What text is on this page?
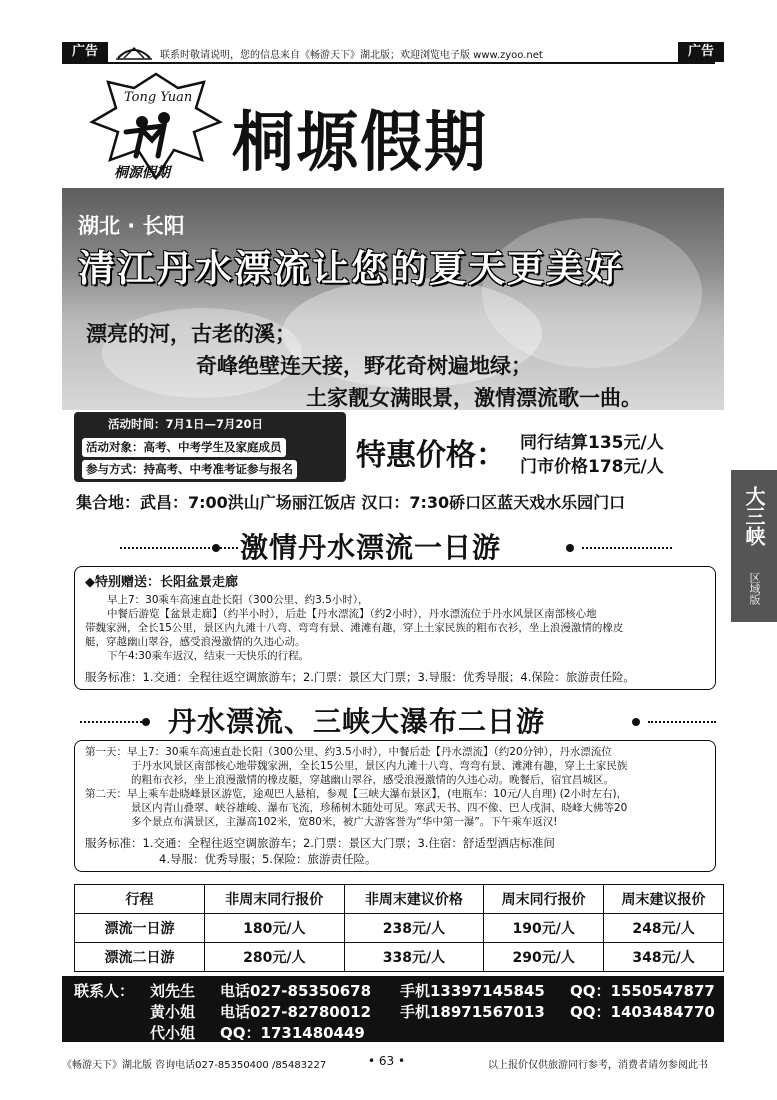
广告	广告
联系时敬请说明，您的信息来自《畅游天下》湖北版；欢迎浏览电子版 www.zyoo.net
Tong Yuan
桐源假期 桐塬假期
湖北 · 长阳
清江丹水漂流让您的夏天更美好
漂亮的河，古老的溪；
奇峰绝壁连天接，野花奇树遍地绿；
土家靓女满眼景，激情漂流歌一曲。
活动时间：7月1日—7月20日
活动对象：高考、中考学生及家庭成员
参与方式：持高考、中考准考证参与报名 特惠价格： 同行结算135元/人
门市价格178元/人
集合地：武昌：7:00洪山广场丽江饭店 汉口：7:30硚口区蓝天戏水乐园门口	大三峡
区域版
激情丹水漂流一日游
◆特别赠送：长阳盆景走廊
早上7：30乘车高速直赴长阳（300公里、约3.5小时），
中餐后游览【盆景走廊】（约半小时），后赴【丹水漂流】（约2小时），丹水漂流位于丹水风景区南部核心地
带魏家洲，全长15公里，景区内九滩十八弯、弯弯有景、滩滩有趣，穿上土家民族的粗布衣衫，坐上浪漫激情的橡皮
艇，穿越幽山翠谷，感受浪漫激情的久违心动。
下午4:30乘车返汉，结束一天快乐的行程。
服务标准：1.交通：全程往返空调旅游车；2.门票：景区大门票；3.导服：优秀导服；4.保险：旅游责任险。
丹水漂流、三峡大瀑布二日游
第一天：早上7：30乘车高速直赴长阳（300公里、约3.5小时），中餐后赴【丹水漂流】（约20分钟），丹水漂流位
于丹水风景区南部核心地带魏家洲，全长15公里，景区内九滩十八弯、弯弯有景、滩滩有趣，穿上土家民族
的粗布衣衫，坐上浪漫激情的橡皮艇，穿越幽山翠谷，感受浪漫激情的久违心动。晚餐后，宿宜昌城区。
第二天：早上乘车赴晓峰景区游览，途观巴人悬棺，参观【三峡大瀑布景区】，(电瓶车：10元/人自理) (2小时左右)，
景区内青山叠翠、峡谷雄峻、瀑布飞流，珍稀树木随处可见。寒武天书、四不像、巴人戌洞、晓峰大佛等20
多个景点布满景区，主瀑高102米，宽80米，被广大游客誉为“华中第一瀑”。下午乘车返汉!
服务标准：1.交通：全程往返空调旅游车；2.门票：景区大门票；3.住宿：舒适型酒店标准间
4.导服：优秀导服；5.保险：旅游责任险。
行程	非周末同行报价	非周末建议价格	周末同行报价	周末建议报价
漂流一日游	180元/人	238元/人	190元/人	248元/人
漂流二日游	280元/人	338元/人	290元/人	348元/人
联系人： 刘先生 电话027-85350678 手机13397145845 QQ：1550547877
黄小姐 电话027-82780012 手机18971567013 QQ：1403484770
代小姐 QQ：1731480449
《畅游天下》湖北版 咨询电话027-85350400 /85483227	• 63 •	以上报价仅供旅游同行参考，消费者请勿参阅此书
